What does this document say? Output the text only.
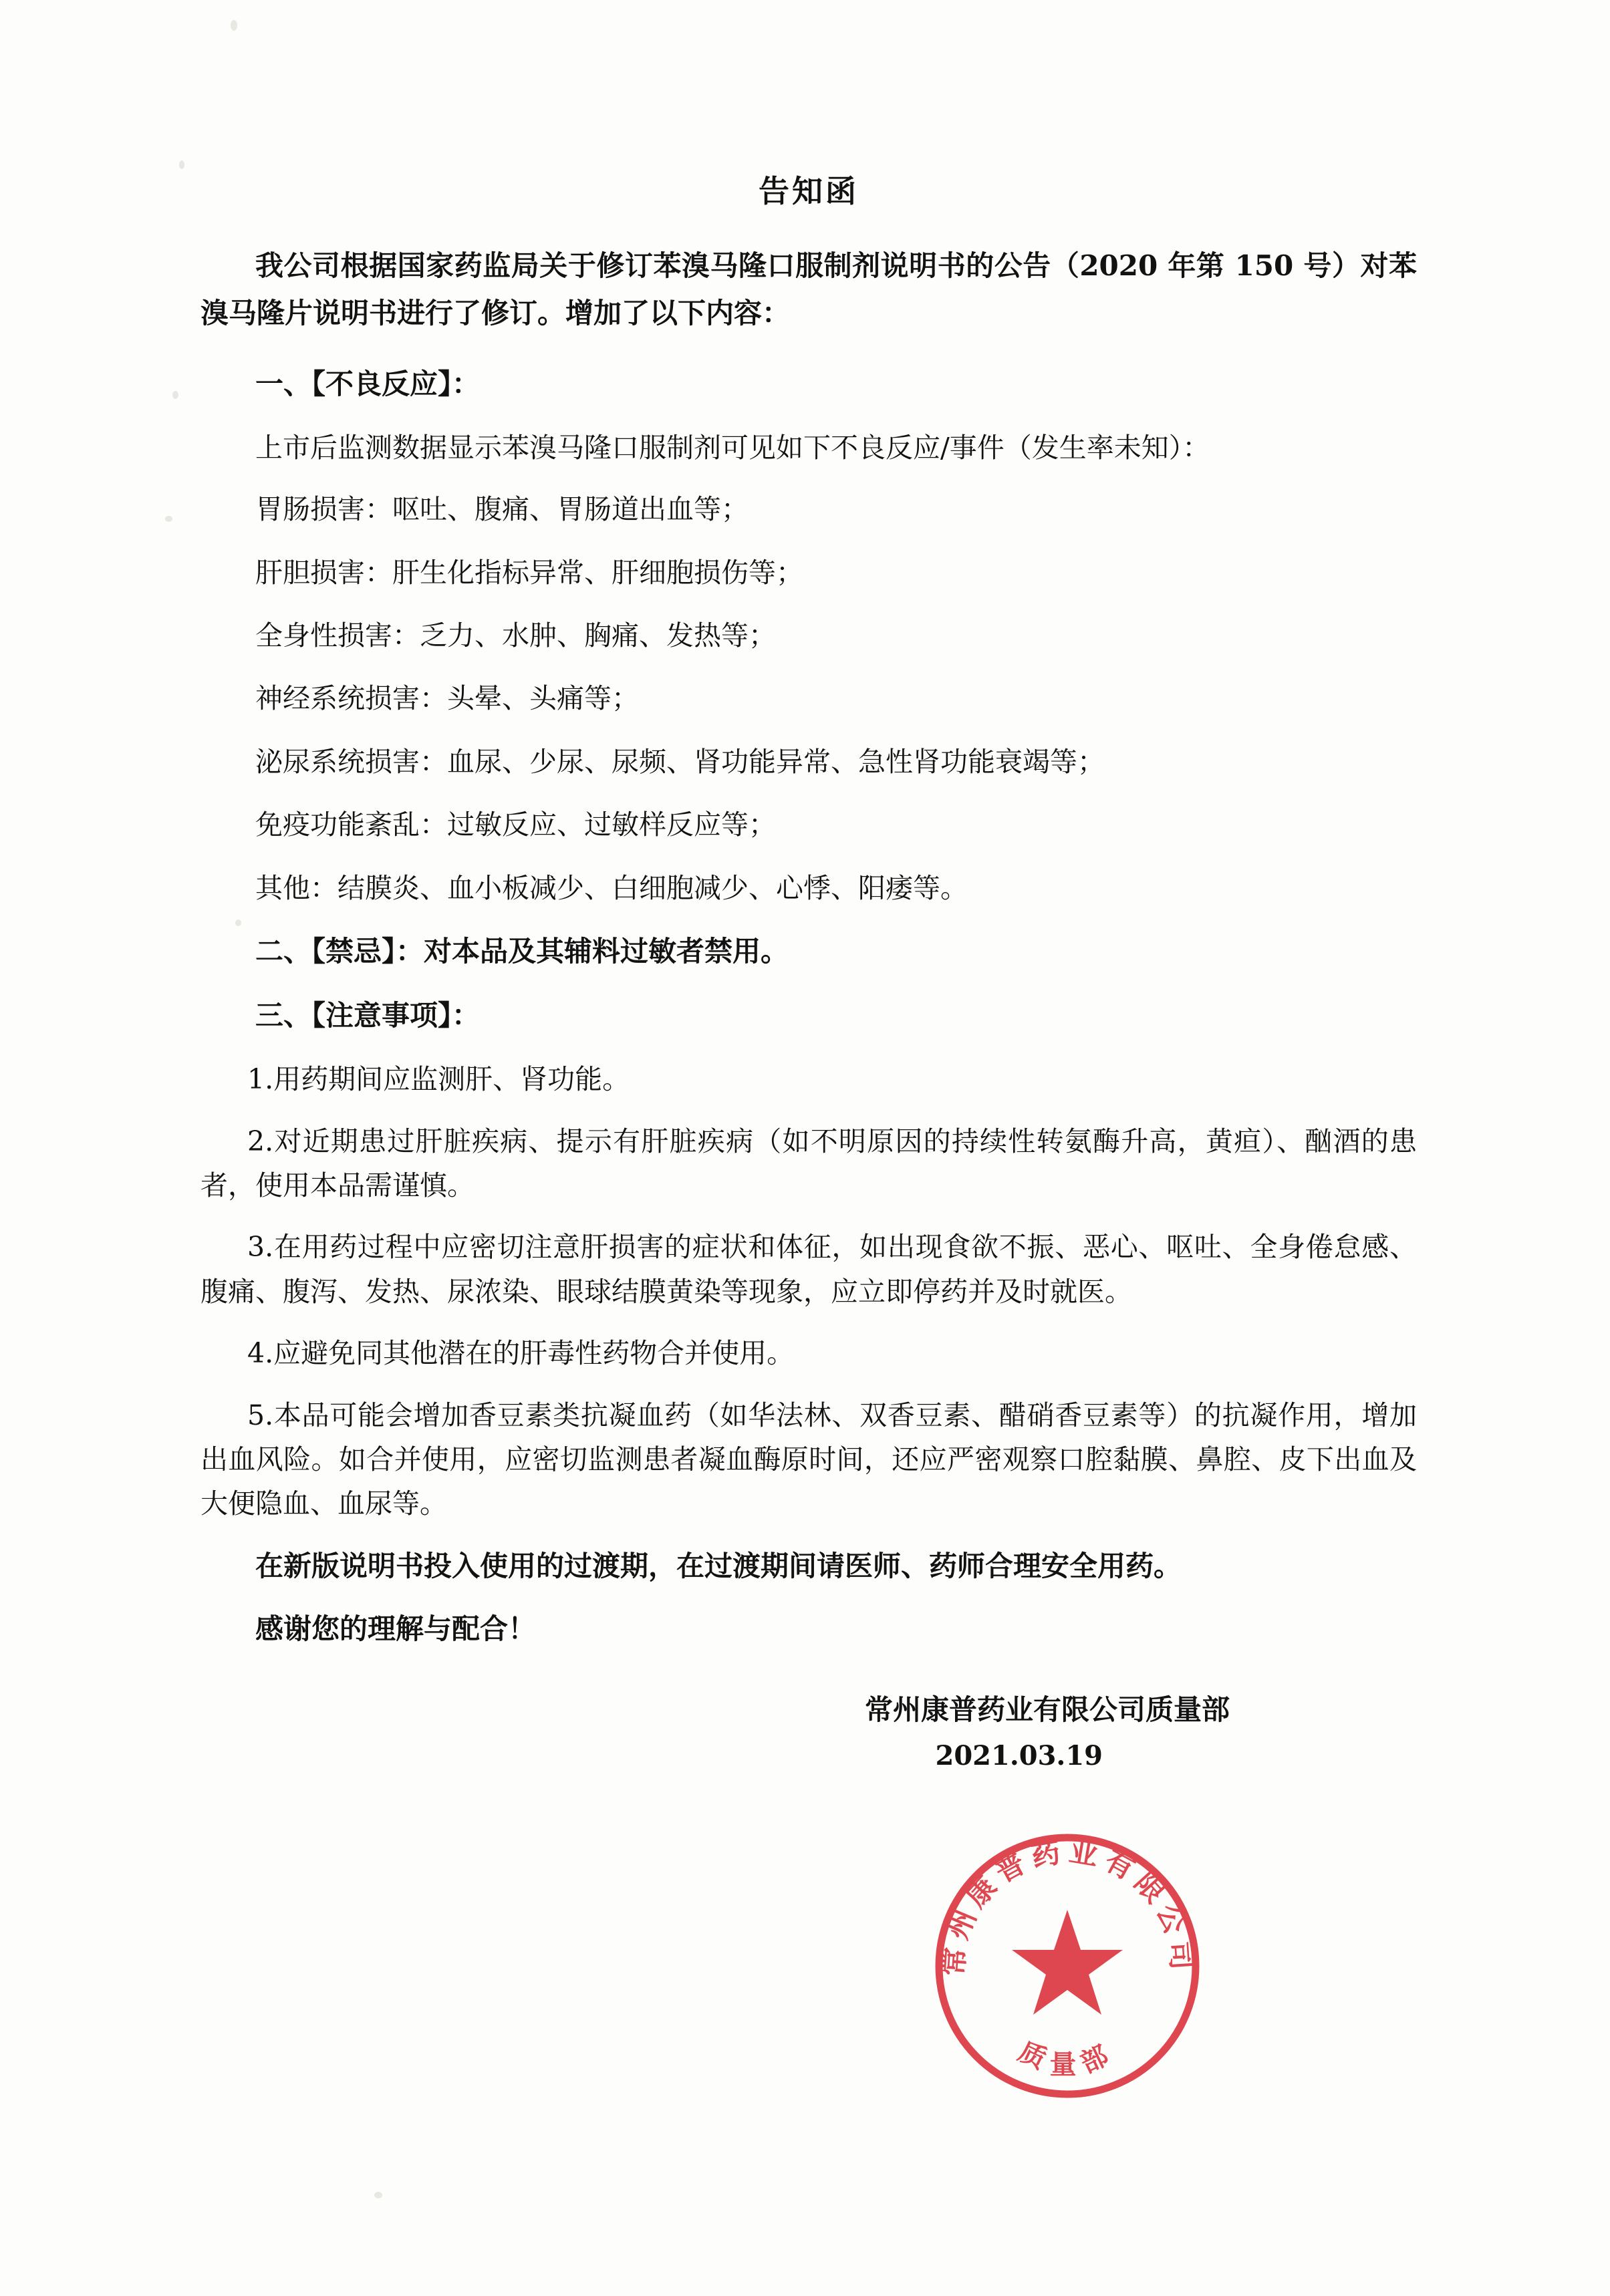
告知函

我公司根据国家药监局关于修订苯溴马隆口服制剂说明书的公告（2020 年第 150 号）对苯溴马隆片说明书进行了修订。增加了以下内容：

一、【不良反应】：

上市后监测数据显示苯溴马隆口服制剂可见如下不良反应/事件（发生率未知）：

胃肠损害：呕吐、腹痛、胃肠道出血等；

肝胆损害：肝生化指标异常、肝细胞损伤等；

全身性损害：乏力、水肿、胸痛、发热等；

神经系统损害：头晕、头痛等；

泌尿系统损害：血尿、少尿、尿频、肾功能异常、急性肾功能衰竭等；

免疫功能紊乱：过敏反应、过敏样反应等；

其他：结膜炎、血小板减少、白细胞减少、心悸、阳痿等。

二、【禁忌】：对本品及其辅料过敏者禁用。

三、【注意事项】：

1.用药期间应监测肝、肾功能。

2.对近期患过肝脏疾病、提示有肝脏疾病（如不明原因的持续性转氨酶升高，黄疸）、酗酒的患者，使用本品需谨慎。

3.在用药过程中应密切注意肝损害的症状和体征，如出现食欲不振、恶心、呕吐、全身倦怠感、腹痛、腹泻、发热、尿浓染、眼球结膜黄染等现象，应立即停药并及时就医。

4.应避免同其他潜在的肝毒性药物合并使用。

5.本品可能会增加香豆素类抗凝血药（如华法林、双香豆素、醋硝香豆素等）的抗凝作用，增加出血风险。如合并使用，应密切监测患者凝血酶原时间，还应严密观察口腔黏膜、鼻腔、皮下出血及大便隐血、血尿等。

在新版说明书投入使用的过渡期，在过渡期间请医师、药师合理安全用药。

感谢您的理解与配合！

常州康普药业有限公司质量部
2021.03.19
常州康普药业有限公司
质量部
